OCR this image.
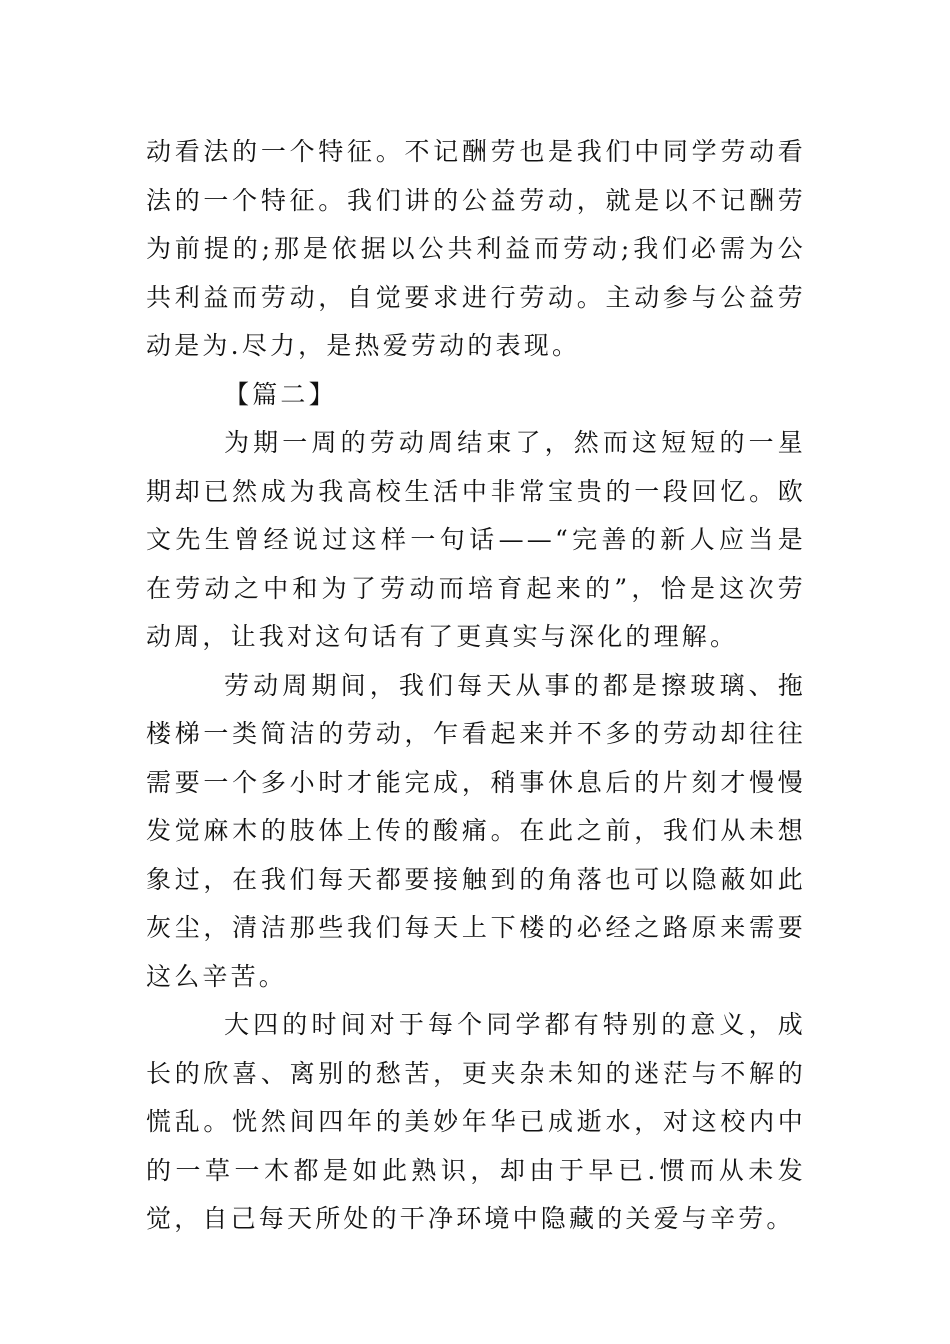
动看法的一个特征。不记酬劳也是我们中同学劳动看法的一个特征。我们讲的公益劳动，就是以不记酬劳为前提的;那是依据以公共利益而劳动;我们必需为公共利益而劳动，自觉要求进行劳动。主动参与公益劳动是为.尽力，是热爱劳动的表现。

【篇二】

为期一周的劳动周结束了，然而这短短的一星期却已然成为我高校生活中非常宝贵的一段回忆。欧文先生曾经说过这样一句话——“完善的新人应当是在劳动之中和为了劳动而培育起来的”，恰是这次劳动周，让我对这句话有了更真实与深化的理解。

劳动周期间，我们每天从事的都是擦玻璃、拖楼梯一类简洁的劳动，乍看起来并不多的劳动却往往需要一个多小时才能完成，稍事休息后的片刻才慢慢发觉麻木的肢体上传的酸痛。在此之前，我们从未想象过，在我们每天都要接触到的角落也可以隐蔽如此灰尘，清洁那些我们每天上下楼的必经之路原来需要这么辛苦。

大四的时间对于每个同学都有特别的意义，成长的欣喜、离别的愁苦，更夹杂未知的迷茫与不解的慌乱。恍然间四年的美妙年华已成逝水，对这校内中的一草一木都是如此熟识，却由于早已.惯而从未发觉，自己每天所处的干净环境中隐藏的关爱与辛劳。
